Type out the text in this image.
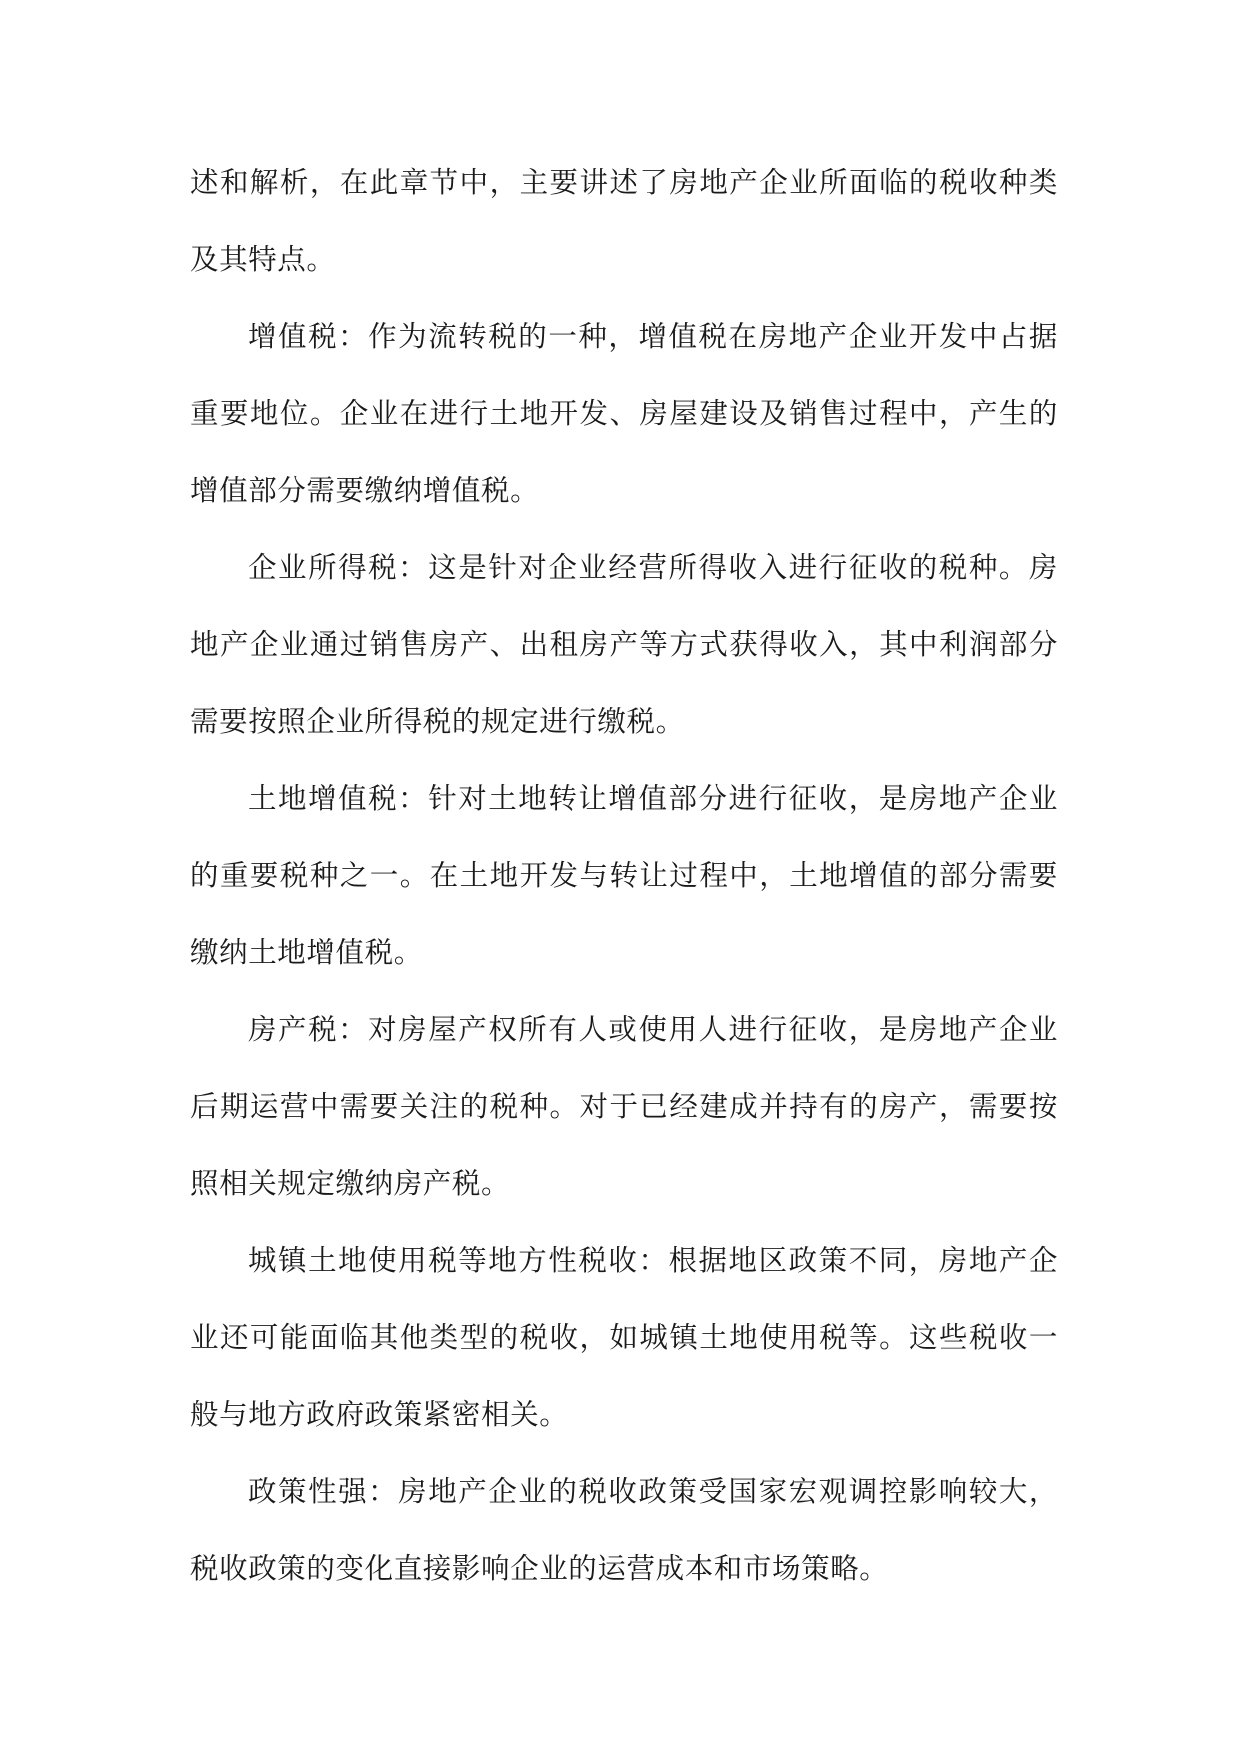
述和解析，在此章节中，主要讲述了房地产企业所面临的税收种类及其特点。

增值税：作为流转税的一种，增值税在房地产企业开发中占据重要地位。企业在进行土地开发、房屋建设及销售过程中，产生的增值部分需要缴纳增值税。

企业所得税：这是针对企业经营所得收入进行征收的税种。房地产企业通过销售房产、出租房产等方式获得收入，其中利润部分需要按照企业所得税的规定进行缴税。

土地增值税：针对土地转让增值部分进行征收，是房地产企业的重要税种之一。在土地开发与转让过程中，土地增值的部分需要缴纳土地增值税。

房产税：对房屋产权所有人或使用人进行征收，是房地产企业后期运营中需要关注的税种。对于已经建成并持有的房产，需要按照相关规定缴纳房产税。

城镇土地使用税等地方性税收：根据地区政策不同，房地产企业还可能面临其他类型的税收，如城镇土地使用税等。这些税收一般与地方政府政策紧密相关。

政策性强：房地产企业的税收政策受国家宏观调控影响较大，税收政策的变化直接影响企业的运营成本和市场策略。
